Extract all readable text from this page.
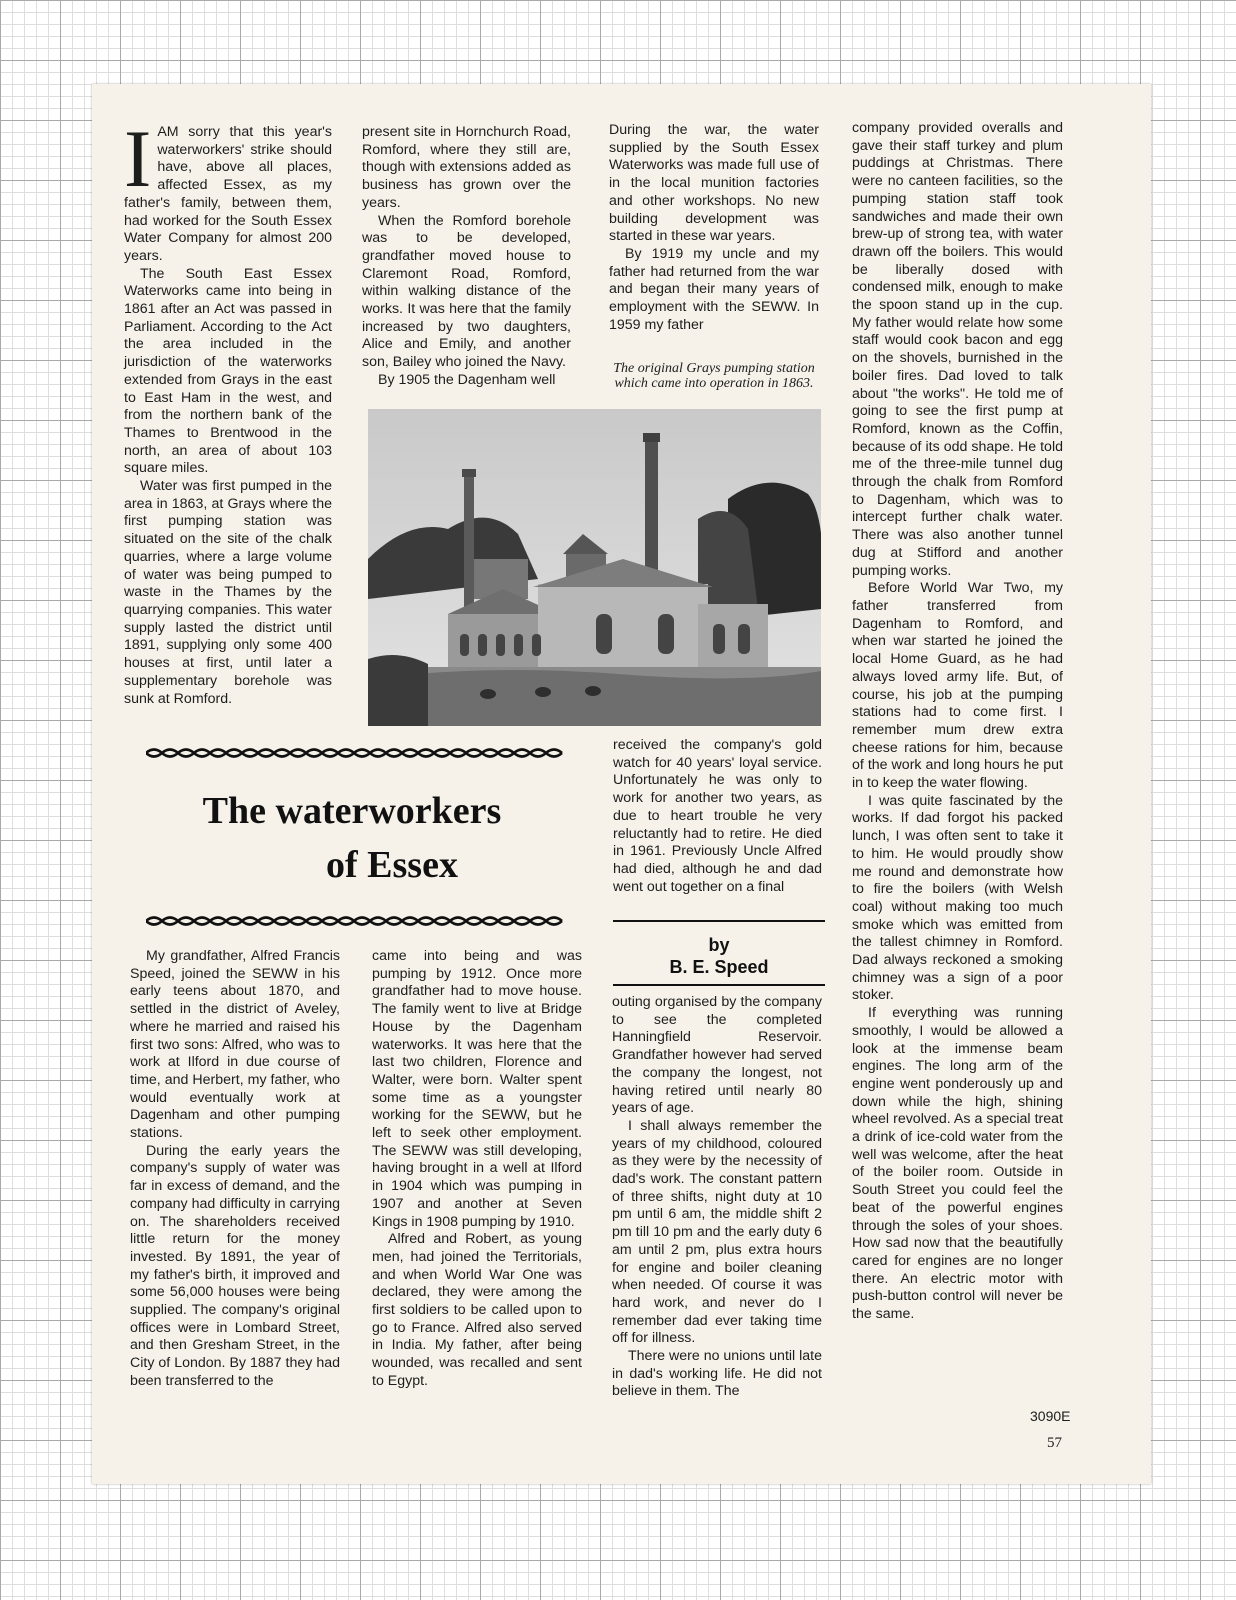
I AM sorry that this year's waterworkers' strike should have, above all places, affected Essex, as my father's family, between them, had worked for the South Essex Water Company for almost 200 years.

The South East Essex Waterworks came into being in 1861 after an Act was passed in Parliament. According to the Act the area included in the jurisdiction of the waterworks extended from Grays in the east to East Ham in the west, and from the northern bank of the Thames to Brentwood in the north, an area of about 103 square miles.

Water was first pumped in the area in 1863, at Grays where the first pumping station was situated on the site of the chalk quarries, where a large volume of water was being pumped to waste in the Thames by the quarrying companies. This water supply lasted the district until 1891, supplying only some 400 houses at first, until later a supplementary borehole was sunk at Romford.

present site in Hornchurch Road, Romford, where they still are, though with extensions added as business has grown over the years.

When the Romford borehole was to be developed, grandfather moved house to Claremont Road, Romford, within walking distance of the works. It was here that the family increased by two daughters, Alice and Emily, and another son, Bailey who joined the Navy.

By 1905 the Dagenham well

During the war, the water supplied by the South Essex Waterworks was made full use of in the local munition factories and other workshops. No new building development was started in these war years.

By 1919 my uncle and my father had returned from the war and began their many years of employment with the SEWW. In 1959 my father

The original Grays pumping station which came into operation in 1863.
The waterworkers
of Essex

received the company's gold watch for 40 years' loyal service. Unfortunately he was only to work for another two years, as due to heart trouble he very reluctantly had to retire. He died in 1961. Previously Uncle Alfred had died, although he and dad went out together on a final

by
B. E. Speed

outing organised by the company to see the completed Hanningfield Reservoir. Grandfather however had served the company the longest, not having retired until nearly 80 years of age.

I shall always remember the years of my childhood, coloured as they were by the necessity of dad's work. The constant pattern of three shifts, night duty at 10 pm until 6 am, the middle shift 2 pm till 10 pm and the early duty 6 am until 2 pm, plus extra hours for engine and boiler cleaning when needed. Of course it was hard work, and never do I remember dad ever taking time off for illness.

There were no unions until late in dad's working life. He did not believe in them. The

company provided overalls and gave their staff turkey and plum puddings at Christmas. There were no canteen facilities, so the pumping station staff took sandwiches and made their own brew-up of strong tea, with water drawn off the boilers. This would be liberally dosed with condensed milk, enough to make the spoon stand up in the cup. My father would relate how some staff would cook bacon and egg on the shovels, burnished in the boiler fires. Dad loved to talk about "the works". He told me of going to see the first pump at Romford, known as the Coffin, because of its odd shape. He told me of the three-mile tunnel dug through the chalk from Romford to Dagenham, which was to intercept further chalk water. There was also another tunnel dug at Stifford and another pumping works.

Before World War Two, my father transferred from Dagenham to Romford, and when war started he joined the local Home Guard, as he had always loved army life. But, of course, his job at the pumping stations had to come first. I remember mum drew extra cheese rations for him, because of the work and long hours he put in to keep the water flowing.

I was quite fascinated by the works. If dad forgot his packed lunch, I was often sent to take it to him. He would proudly show me round and demonstrate how to fire the boilers (with Welsh coal) without making too much smoke which was emitted from the tallest chimney in Romford. Dad always reckoned a smoking chimney was a sign of a poor stoker.

If everything was running smoothly, I would be allowed a look at the immense beam engines. The long arm of the engine went ponderously up and down while the high, shining wheel revolved. As a special treat a drink of ice-cold water from the well was welcome, after the heat of the boiler room. Outside in South Street you could feel the beat of the powerful engines through the soles of your shoes. How sad now that the beautifully cared for engines are no longer there. An electric motor with push-button control will never be the same.

My grandfather, Alfred Francis Speed, joined the SEWW in his early teens about 1870, and settled in the district of Aveley, where he married and raised his first two sons: Alfred, who was to work at Ilford in due course of time, and Herbert, my father, who would eventually work at Dagenham and other pumping stations.

During the early years the company's supply of water was far in excess of demand, and the company had difficulty in carrying on. The shareholders received little return for the money invested. By 1891, the year of my father's birth, it improved and some 56,000 houses were being supplied. The company's original offices were in Lombard Street, and then Gresham Street, in the City of London. By 1887 they had been transferred to the

came into being and was pumping by 1912. Once more grandfather had to move house. The family went to live at Bridge House by the Dagenham waterworks. It was here that the last two children, Florence and Walter, were born. Walter spent some time as a youngster working for the SEWW, but he left to seek other employment. The SEWW was still developing, having brought in a well at Ilford in 1904 which was pumping in 1907 and another at Seven Kings in 1908 pumping by 1910.

Alfred and Robert, as young men, had joined the Territorials, and when World War One was declared, they were among the first soldiers to be called upon to go to France. Alfred also served in India. My father, after being wounded, was recalled and sent to Egypt.

3090E
57
